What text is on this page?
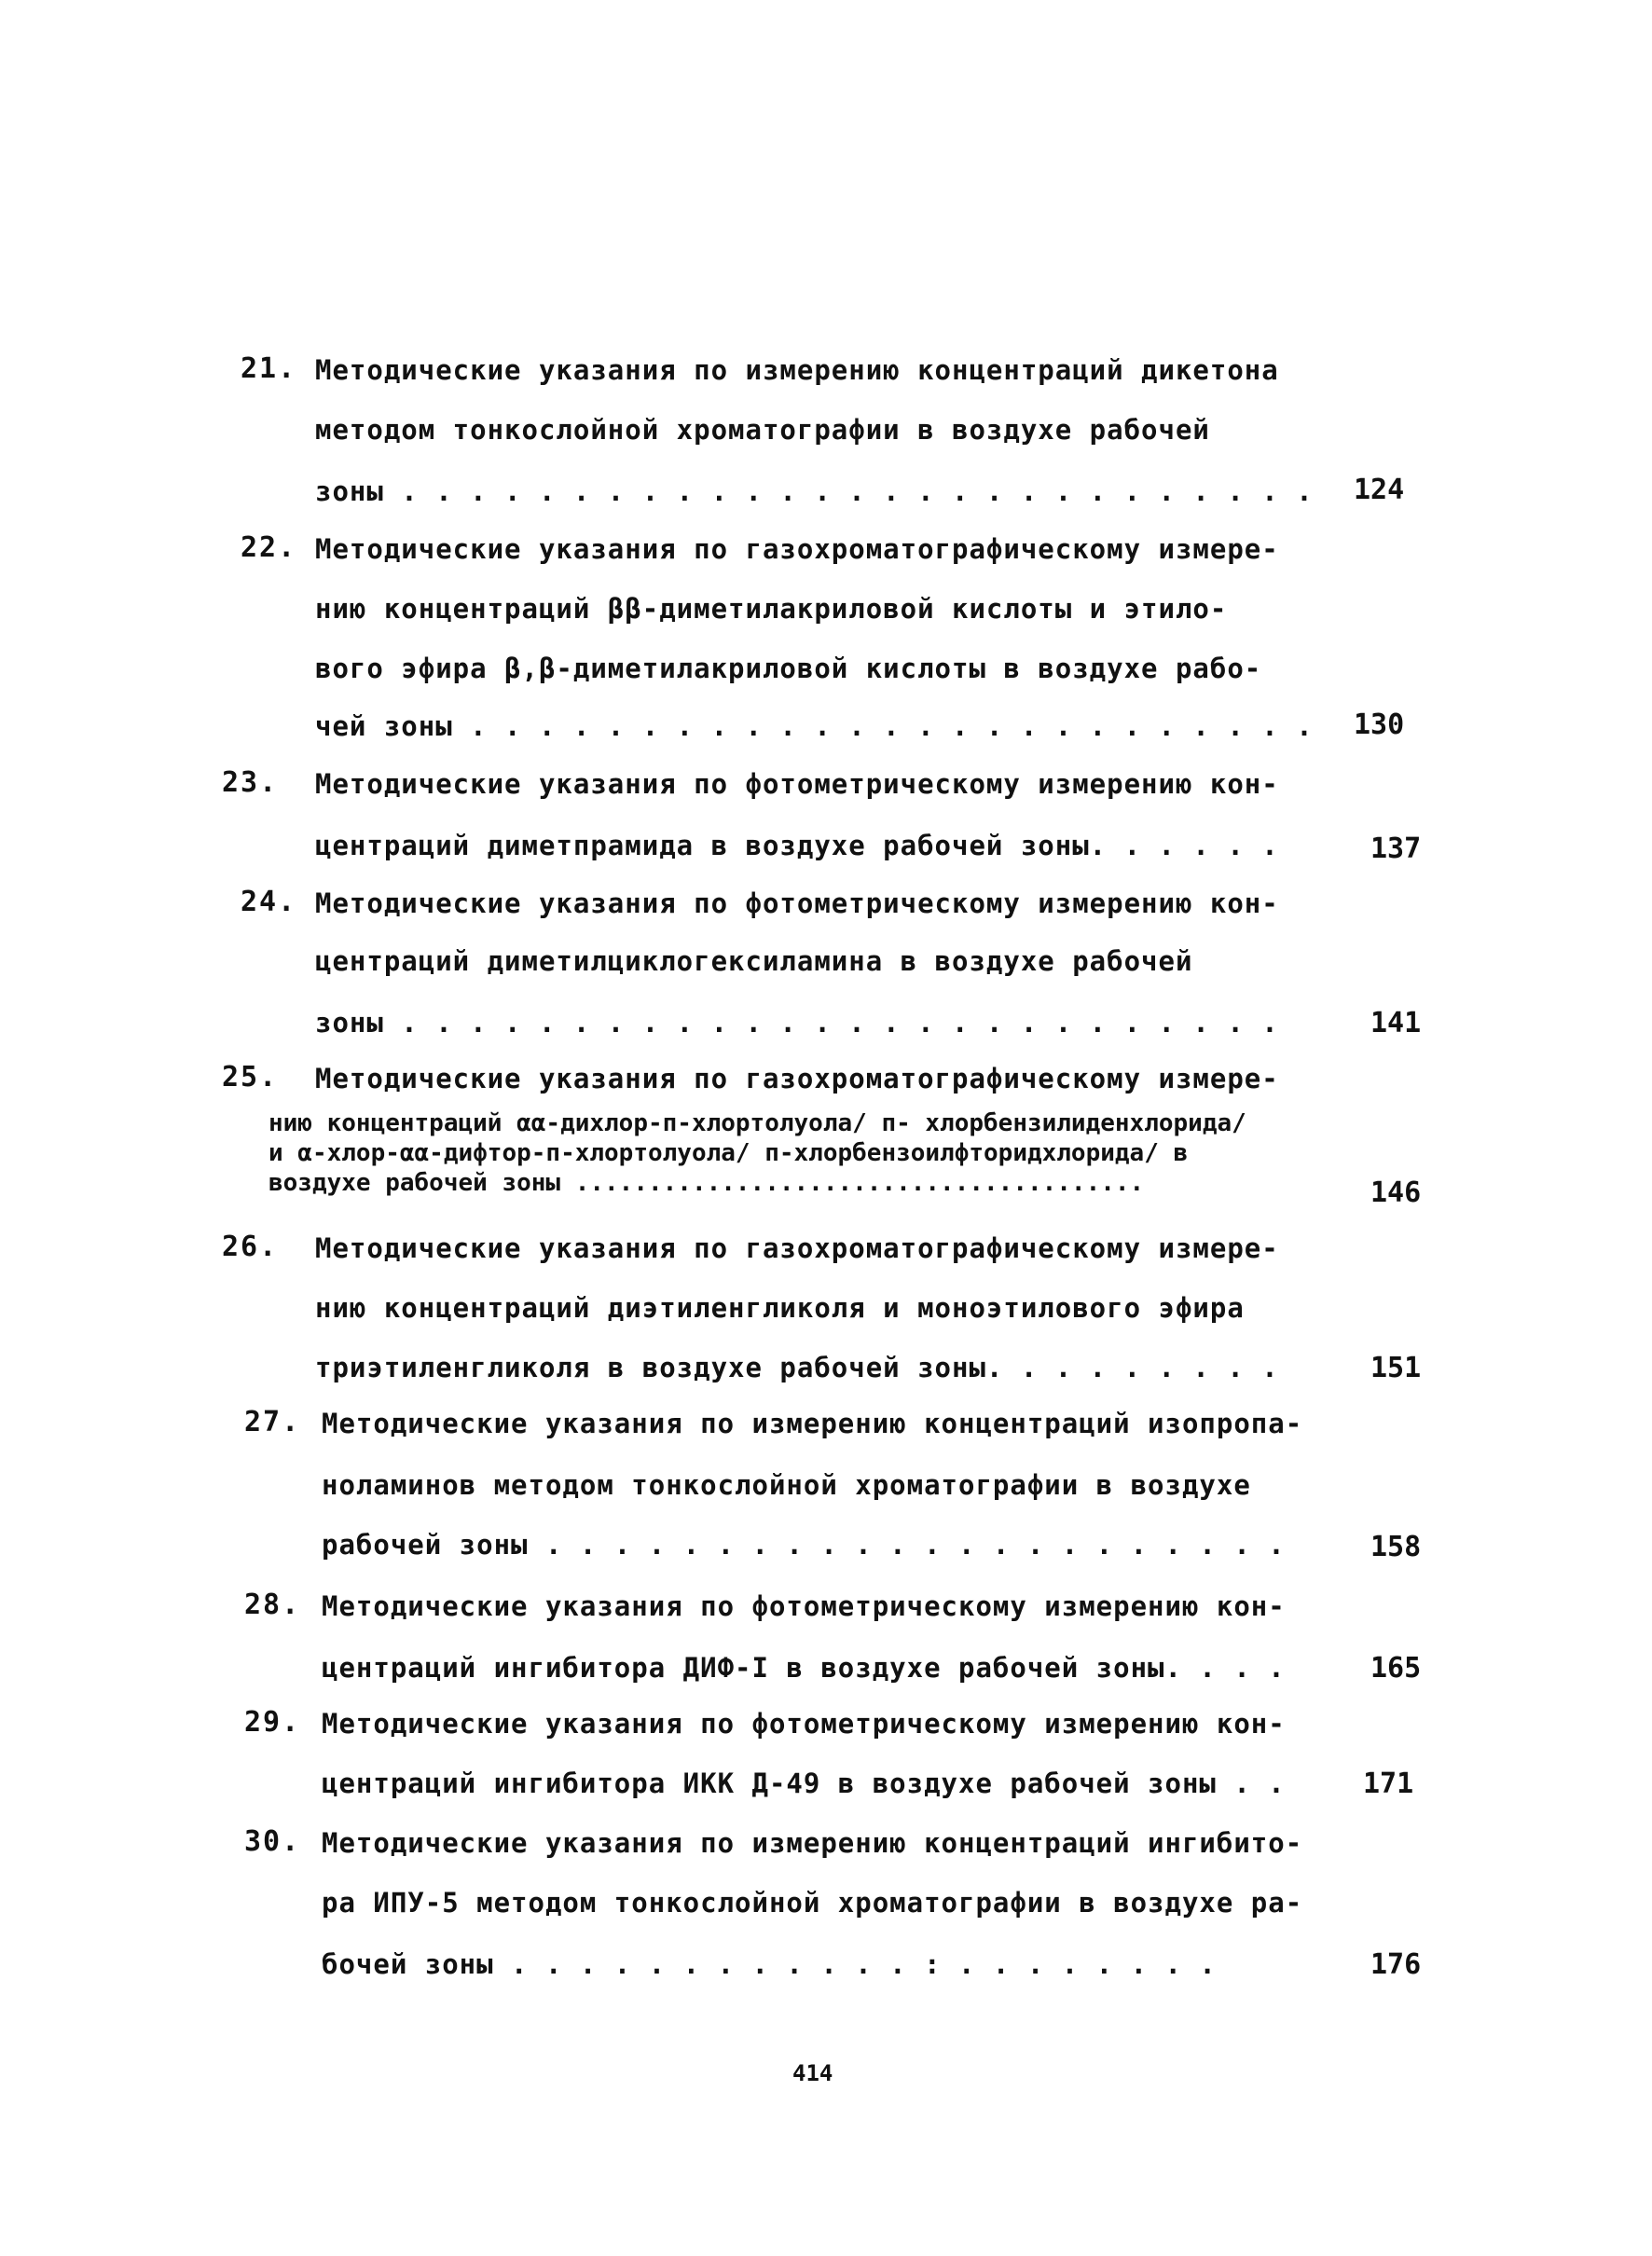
21. Методические указания по измерению концентраций дикетона
методом тонкослойной хроматографии в воздухе рабочей
зоны . . . . . . . . . . . . . . . . . . . . . . . . . . . 124
22. Методические указания по газохроматографическому измере-
нию концентраций ββ-диметилакриловой кислоты и этило-
вого эфира β,β-диметилакриловой кислоты в воздухе рабо-
чей зоны . . . . . . . . . . . . . . . . . . . . . . . . . 130
23. Методические указания по фотометрическому измерению кон-
центраций диметпрамида в воздухе рабочей зоны. . . . . .	137
24. Методические указания по фотометрическому измерению кон-
центраций диметилциклогексиламина в воздухе рабочей
зоны . . . . . . . . . . . . . . . . . . . . . . . . . .	141
25. Методические указания по газохроматографическому измере-
нию концентраций αα-дихлор-п-хлортолуола/ п- хлорбензилиденхлорида/
и α-хлор-αα-дифтор-п-хлортолуола/ п-хлорбензоилфторидхлорида/ в
воздухе рабочей зоны .......................................	146
26. Методические указания по газохроматографическому измере-
нию концентраций диэтиленгликоля и моноэтилового эфира
триэтиленгликоля в воздухе рабочей зоны. . . . . . . . .	151
27. Методические указания по измерению концентраций изопропа-
ноламинов методом тонкослойной хроматографии в воздухе
рабочей зоны . . . . . . . . . . . . . . . . . . . . . .	158
28. Методические указания по фотометрическому измерению кон-
центраций ингибитора ДИФ-I в воздухе рабочей зоны. . . .	165
29. Методические указания по фотометрическому измерению кон-
центраций ингибитора ИКК Д-49 в воздухе рабочей зоны . .	171
30. Методические указания по измерению концентраций ингибито-
ра ИПУ-5 методом тонкослойной хроматографии в воздухе ра-
бочей зоны . . . . . . . . . . . . : . . . . . . . .	176
414
